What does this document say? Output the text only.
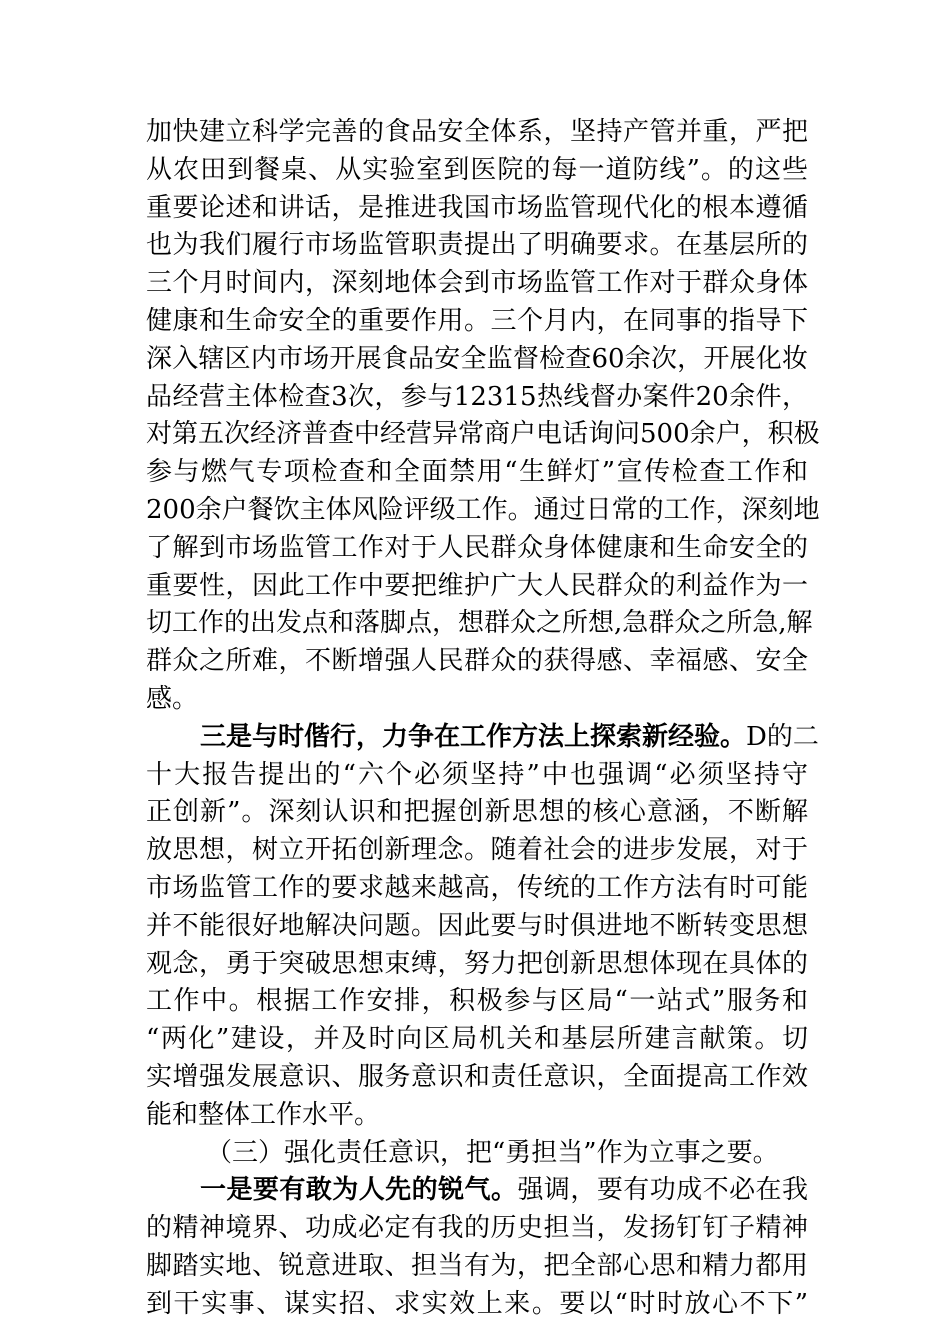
加快建立科学完善的食品安全体系，坚持产管并重，严把
从农田到餐桌、从实验室到医院的每一道防线”。的这些
重要论述和讲话，是推进我国市场监管现代化的根本遵循
也为我们履行市场监管职责提出了明确要求。在基层所的
三个月时间内，深刻地体会到市场监管工作对于群众身体
健康和生命安全的重要作用。三个月内，在同事的指导下
深入辖区内市场开展食品安全监督检查60余次，开展化妆
品经营主体检查3次，参与12315热线督办案件20余件，
对第五次经济普查中经营异常商户电话询问500余户，积极
参与燃气专项检查和全面禁用“生鲜灯”宣传检查工作和
200余户餐饮主体风险评级工作。通过日常的工作，深刻地
了解到市场监管工作对于人民群众身体健康和生命安全的
重要性，因此工作中要把维护广大人民群众的利益作为一
切工作的出发点和落脚点，想群众之所想,急群众之所急,解
群众之所难，不断增强人民群众的获得感、幸福感、安全
感。
三是与时偕行，力争在工作方法上探索新经验。D的二
十大报告提出的“六个必须坚持”中也强调“必须坚持守
正创新”。深刻认识和把握创新思想的核心意涵，不断解
放思想，树立开拓创新理念。随着社会的进步发展，对于
市场监管工作的要求越来越高，传统的工作方法有时可能
并不能很好地解决问题。因此要与时俱进地不断转变思想
观念，勇于突破思想束缚，努力把创新思想体现在具体的
工作中。根据工作安排，积极参与区局“一站式”服务和
“两化”建设，并及时向区局机关和基层所建言献策。切
实增强发展意识、服务意识和责任意识，全面提高工作效
能和整体工作水平。
（三）强化责任意识，把“勇担当”作为立事之要。
一是要有敢为人先的锐气。强调，要有功成不必在我
的精神境界、功成必定有我的历史担当，发扬钉钉子精神
脚踏实地、锐意进取、担当有为，把全部心思和精力都用
到干实事、谋实招、求实效上来。要以“时时放心不下”
